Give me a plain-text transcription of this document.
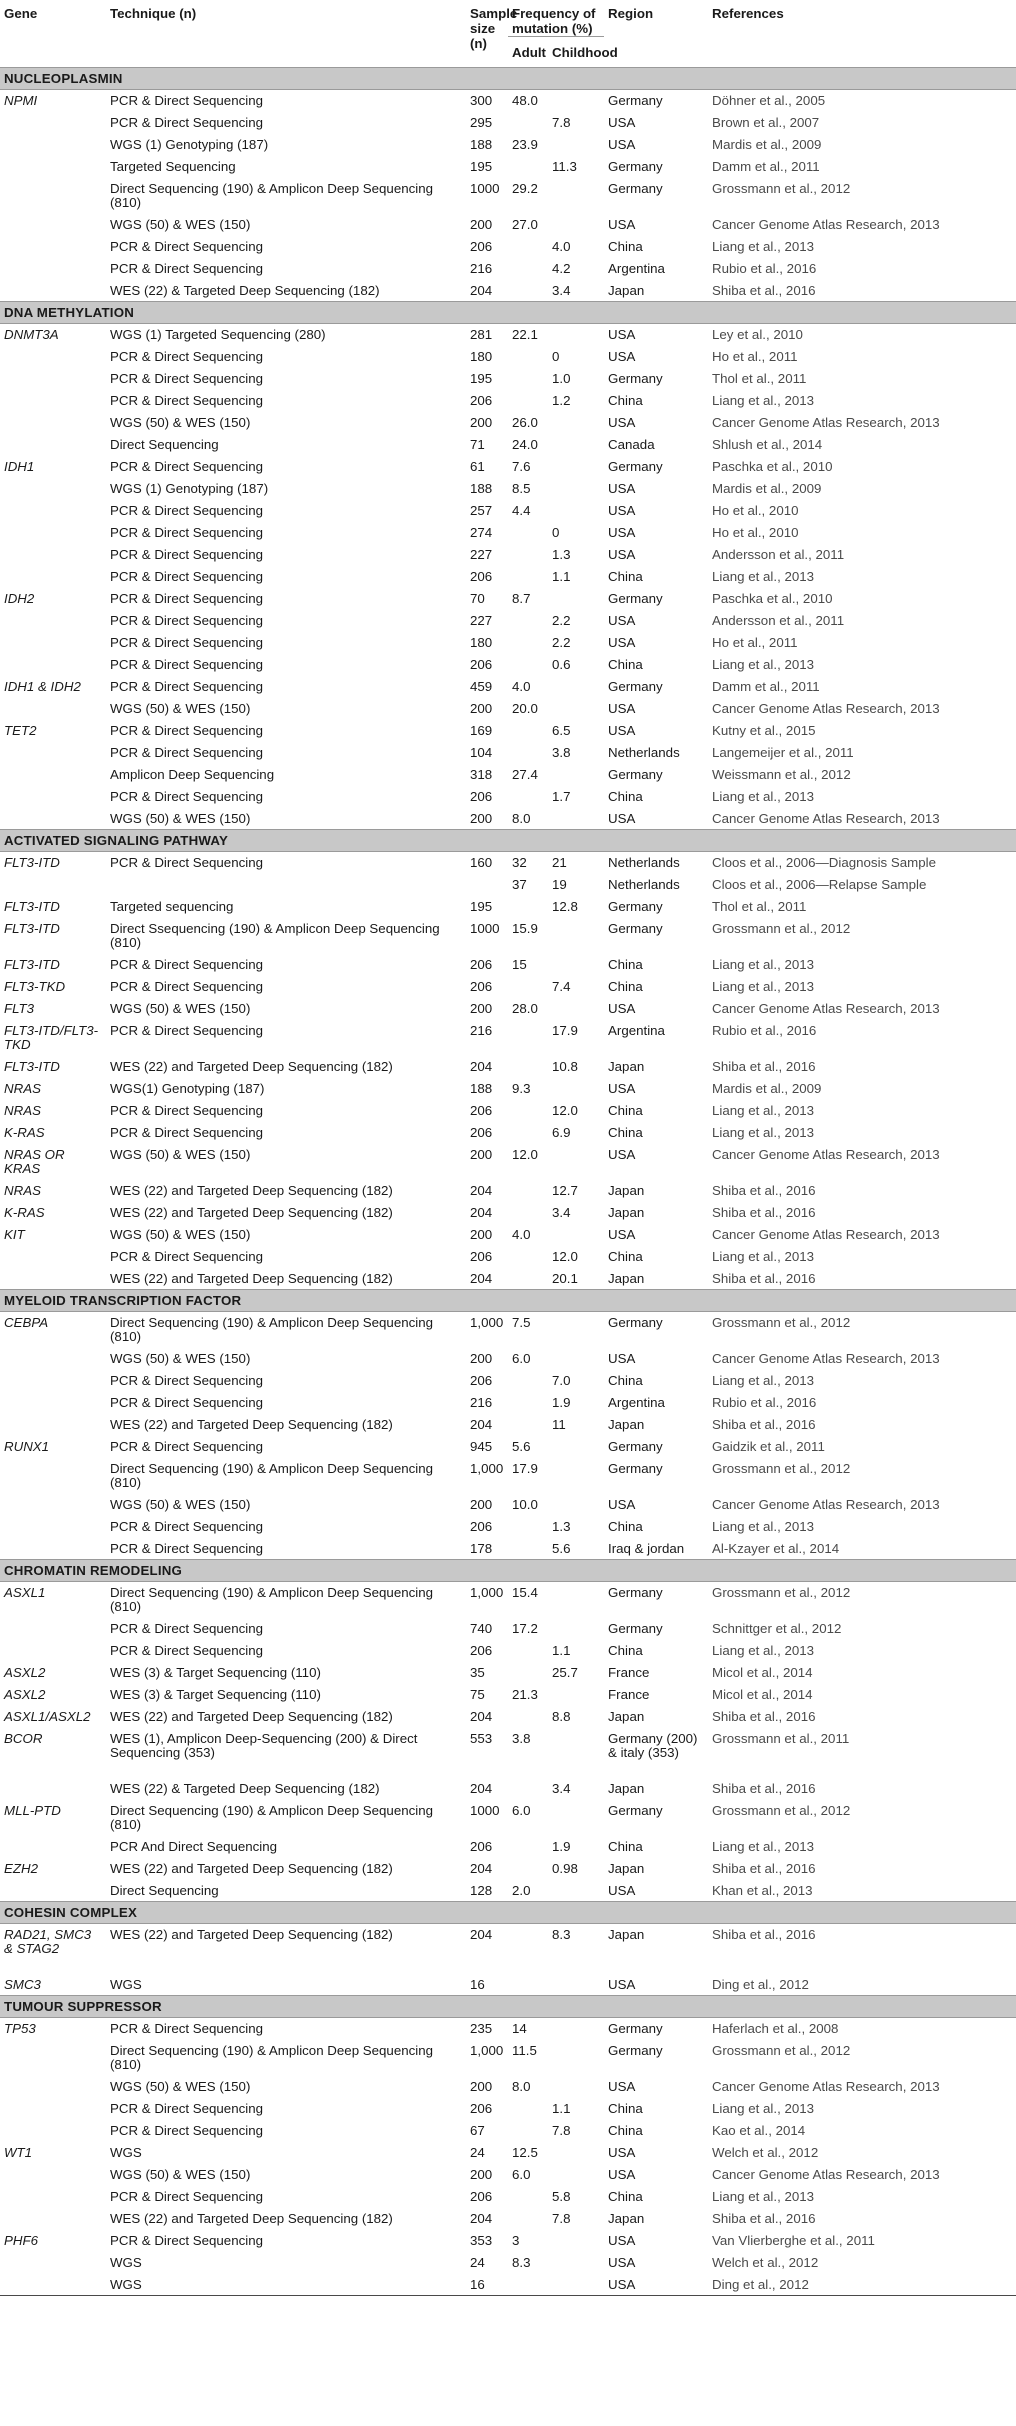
Gene	Technique (n)	Sample size (n)	Frequency of mutation (%)		Region	References
			Adult	Childhood		
NUCLEOPLASMIN						
NPMI	PCR & Direct Sequencing	300	48.0		Germany	Döhner et al., 2005
	PCR & Direct Sequencing	295		7.8	USA	Brown et al., 2007
	WGS (1) Genotyping (187)	188	23.9		USA	Mardis et al., 2009
	Targeted Sequencing	195		11.3	Germany	Damm et al., 2011
	Direct Sequencing (190) & Amplicon Deep Sequencing (810)	1000	29.2		Germany	Grossmann et al., 2012
	WGS (50) & WES (150)	200	27.0		USA	Cancer Genome Atlas Research, 2013
	PCR & Direct Sequencing	206		4.0	China	Liang et al., 2013
	PCR & Direct Sequencing	216		4.2	Argentina	Rubio et al., 2016
	WES (22) & Targeted Deep Sequencing (182)	204		3.4	Japan	Shiba et al., 2016
DNA METHYLATION						
DNMT3A	WGS (1) Targeted Sequencing (280)	281	22.1		USA	Ley et al., 2010
	PCR & Direct Sequencing	180		0	USA	Ho et al., 2011
	PCR & Direct Sequencing	195		1.0	Germany	Thol et al., 2011
	PCR & Direct Sequencing	206		1.2	China	Liang et al., 2013
	WGS (50) & WES (150)	200	26.0		USA	Cancer Genome Atlas Research, 2013
	Direct Sequencing	71	24.0		Canada	Shlush et al., 2014
IDH1	PCR & Direct Sequencing	61	7.6		Germany	Paschka et al., 2010
	WGS (1) Genotyping (187)	188	8.5		USA	Mardis et al., 2009
	PCR & Direct Sequencing	257	4.4		USA	Ho et al., 2010
	PCR & Direct Sequencing	274		0	USA	Ho et al., 2010
	PCR & Direct Sequencing	227		1.3	USA	Andersson et al., 2011
	PCR & Direct Sequencing	206		1.1	China	Liang et al., 2013
IDH2	PCR & Direct Sequencing	70	8.7		Germany	Paschka et al., 2010
	PCR & Direct Sequencing	227		2.2	USA	Andersson et al., 2011
	PCR & Direct Sequencing	180		2.2	USA	Ho et al., 2011
	PCR & Direct Sequencing	206		0.6	China	Liang et al., 2013
IDH1 & IDH2	PCR & Direct Sequencing	459	4.0		Germany	Damm et al., 2011
	WGS (50) & WES (150)	200	20.0		USA	Cancer Genome Atlas Research, 2013
TET2	PCR & Direct Sequencing	169		6.5	USA	Kutny et al., 2015
	PCR & Direct Sequencing	104		3.8	Netherlands	Langemeijer et al., 2011
	Amplicon Deep Sequencing	318	27.4		Germany	Weissmann et al., 2012
	PCR & Direct Sequencing	206		1.7	China	Liang et al., 2013
	WGS (50) & WES (150)	200	8.0		USA	Cancer Genome Atlas Research, 2013
ACTIVATED SIGNALING PATHWAY						
FLT3-ITD	PCR & Direct Sequencing	160	32	21	Netherlands	Cloos et al., 2006—Diagnosis Sample
			37	19	Netherlands	Cloos et al., 2006—Relapse Sample
FLT3-ITD	Targeted sequencing	195		12.8	Germany	Thol et al., 2011
FLT3-ITD	Direct Ssequencing (190) & Amplicon Deep Sequencing (810)	1000	15.9		Germany	Grossmann et al., 2012
FLT3-ITD	PCR & Direct Sequencing	206	15		China	Liang et al., 2013
FLT3-TKD	PCR & Direct Sequencing	206		7.4	China	Liang et al., 2013
FLT3	WGS (50) & WES (150)	200	28.0		USA	Cancer Genome Atlas Research, 2013
FLT3-ITD/FLT3-TKD	PCR & Direct Sequencing	216		17.9	Argentina	Rubio et al., 2016
FLT3-ITD	WES (22) and Targeted Deep Sequencing (182)	204		10.8	Japan	Shiba et al., 2016
NRAS	WGS(1) Genotyping (187)	188	9.3		USA	Mardis et al., 2009
NRAS	PCR & Direct Sequencing	206		12.0	China	Liang et al., 2013
K-RAS	PCR & Direct Sequencing	206		6.9	China	Liang et al., 2013
NRAS OR KRAS	WGS (50) & WES (150)	200	12.0		USA	Cancer Genome Atlas Research, 2013
NRAS	WES (22) and Targeted Deep Sequencing (182)	204		12.7	Japan	Shiba et al., 2016
K-RAS	WES (22) and Targeted Deep Sequencing (182)	204		3.4	Japan	Shiba et al., 2016
KIT	WGS (50) & WES (150)	200	4.0		USA	Cancer Genome Atlas Research, 2013
	PCR & Direct Sequencing	206		12.0	China	Liang et al., 2013
	WES (22) and Targeted Deep Sequencing (182)	204		20.1	Japan	Shiba et al., 2016
MYELOID TRANSCRIPTION FACTOR						
CEBPA	Direct Sequencing (190) & Amplicon Deep Sequencing (810)	1,000	7.5		Germany	Grossmann et al., 2012
	WGS (50) & WES (150)	200	6.0		USA	Cancer Genome Atlas Research, 2013
	PCR & Direct Sequencing	206		7.0	China	Liang et al., 2013
	PCR & Direct Sequencing	216		1.9	Argentina	Rubio et al., 2016
	WES (22) and Targeted Deep Sequencing (182)	204		11	Japan	Shiba et al., 2016
RUNX1	PCR & Direct Sequencing	945	5.6		Germany	Gaidzik et al., 2011
	Direct Sequencing (190) & Amplicon Deep Sequencing (810)	1,000	17.9		Germany	Grossmann et al., 2012
	WGS (50) & WES (150)	200	10.0		USA	Cancer Genome Atlas Research, 2013
	PCR & Direct Sequencing	206		1.3	China	Liang et al., 2013
	PCR & Direct Sequencing	178		5.6	Iraq & jordan	Al-Kzayer et al., 2014
CHROMATIN REMODELING						
ASXL1	Direct Sequencing (190) & Amplicon Deep Sequencing (810)	1,000	15.4		Germany	Grossmann et al., 2012
	PCR & Direct Sequencing	740	17.2		Germany	Schnittger et al., 2012
	PCR & Direct Sequencing	206		1.1	China	Liang et al., 2013
ASXL2	WES (3) & Target Sequencing (110)	35		25.7	France	Micol et al., 2014
ASXL2	WES (3) & Target Sequencing (110)	75	21.3		France	Micol et al., 2014
ASXL1/ASXL2	WES (22) and Targeted Deep Sequencing (182)	204		8.8	Japan	Shiba et al., 2016
BCOR	WES (1), Amplicon Deep-Sequencing (200) & Direct Sequencing (353)	553	3.8		Germany (200) & italy (353)	Grossmann et al., 2011
	WES (22) & Targeted Deep Sequencing (182)	204		3.4	Japan	Shiba et al., 2016
MLL-PTD	Direct Sequencing (190) & Amplicon Deep Sequencing (810)	1000	6.0		Germany	Grossmann et al., 2012
	PCR And Direct Sequencing	206		1.9	China	Liang et al., 2013
EZH2	WES (22) and Targeted Deep Sequencing (182)	204		0.98	Japan	Shiba et al., 2016
	Direct Sequencing	128	2.0		USA	Khan et al., 2013
COHESIN COMPLEX						
RAD21, SMC3 & STAG2	WES (22) and Targeted Deep Sequencing (182)	204		8.3	Japan	Shiba et al., 2016
SMC3	WGS	16			USA	Ding et al., 2012
TUMOUR SUPPRESSOR						
TP53	PCR & Direct Sequencing	235	14		Germany	Haferlach et al., 2008
	Direct Sequencing (190) & Amplicon Deep Sequencing (810)	1,000	11.5		Germany	Grossmann et al., 2012
	WGS (50) & WES (150)	200	8.0		USA	Cancer Genome Atlas Research, 2013
	PCR & Direct Sequencing	206		1.1	China	Liang et al., 2013
	PCR & Direct Sequencing	67		7.8	China	Kao et al., 2014
WT1	WGS	24	12.5		USA	Welch et al., 2012
	WGS (50) & WES (150)	200	6.0		USA	Cancer Genome Atlas Research, 2013
	PCR & Direct Sequencing	206		5.8	China	Liang et al., 2013
	WES (22) and Targeted Deep Sequencing (182)	204		7.8	Japan	Shiba et al., 2016
PHF6	PCR & Direct Sequencing	353	3		USA	Van Vlierberghe et al., 2011
	WGS	24	8.3		USA	Welch et al., 2012
	WGS	16			USA	Ding et al., 2012
